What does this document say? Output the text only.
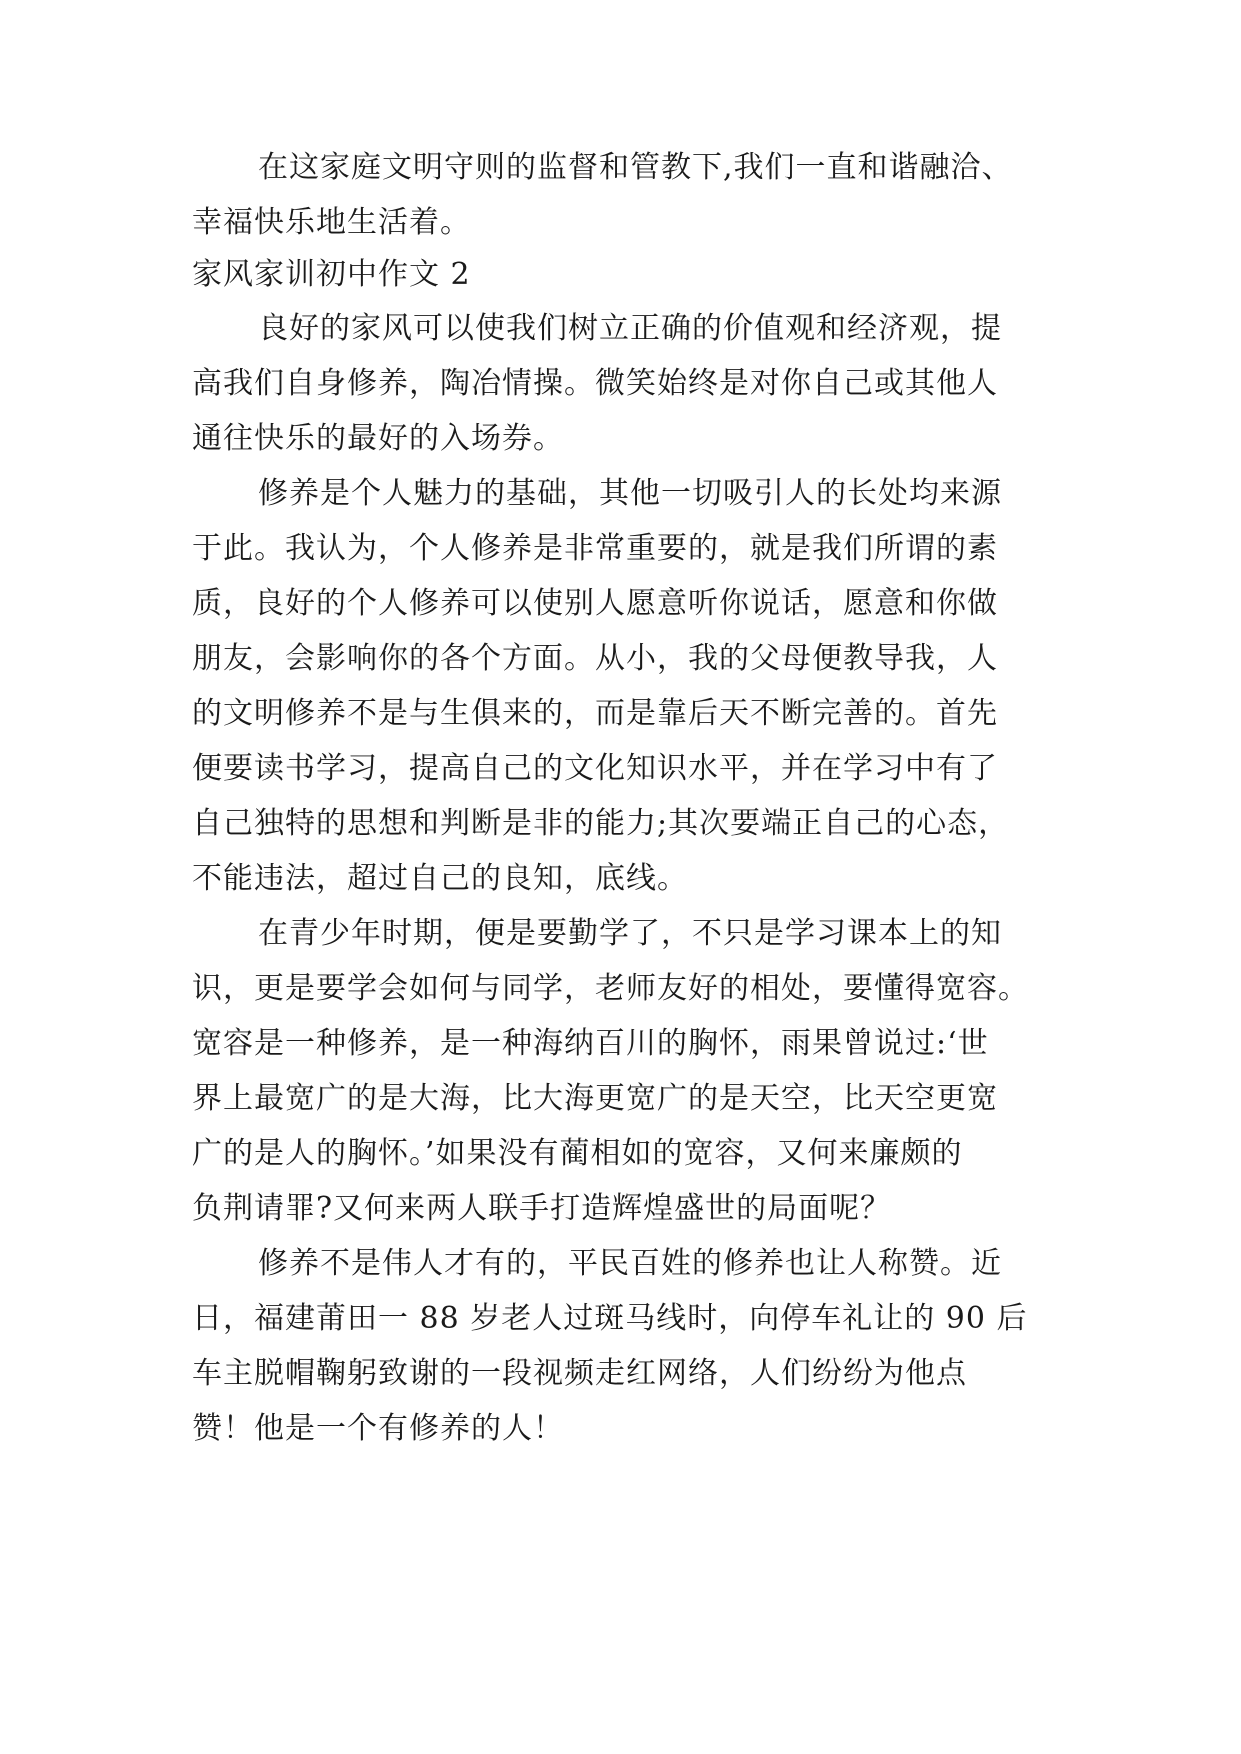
在这家庭文明守则的监督和管教下,我们一直和谐融洽、
幸福快乐地生活着。
家风家训初中作文 2
良好的家风可以使我们树立正确的价值观和经济观，提
高我们自身修养，陶冶情操。微笑始终是对你自己或其他人
通往快乐的最好的入场券。
修养是个人魅力的基础，其他一切吸引人的长处均来源
于此。我认为，个人修养是非常重要的，就是我们所谓的素
质，良好的个人修养可以使别人愿意听你说话，愿意和你做
朋友，会影响你的各个方面。从小，我的父母便教导我，人
的文明修养不是与生俱来的，而是靠后天不断完善的。首先
便要读书学习，提高自己的文化知识水平，并在学习中有了
自己独特的思想和判断是非的能力;其次要端正自己的心态，
不能违法，超过自己的良知，底线。
在青少年时期，便是要勤学了，不只是学习课本上的知
识，更是要学会如何与同学，老师友好的相处，要懂得宽容。
宽容是一种修养，是一种海纳百川的胸怀，雨果曾说过:‘世
界上最宽广的是大海，比大海更宽广的是天空，比天空更宽
广的是人的胸怀。’如果没有蔺相如的宽容，又何来廉颇的
负荆请罪?又何来两人联手打造辉煌盛世的局面呢？
修养不是伟人才有的，平民百姓的修养也让人称赞。近
日，福建莆田一 88 岁老人过斑马线时，向停车礼让的 90 后
车主脱帽鞠躬致谢的一段视频走红网络，人们纷纷为他点
赞！他是一个有修养的人！
